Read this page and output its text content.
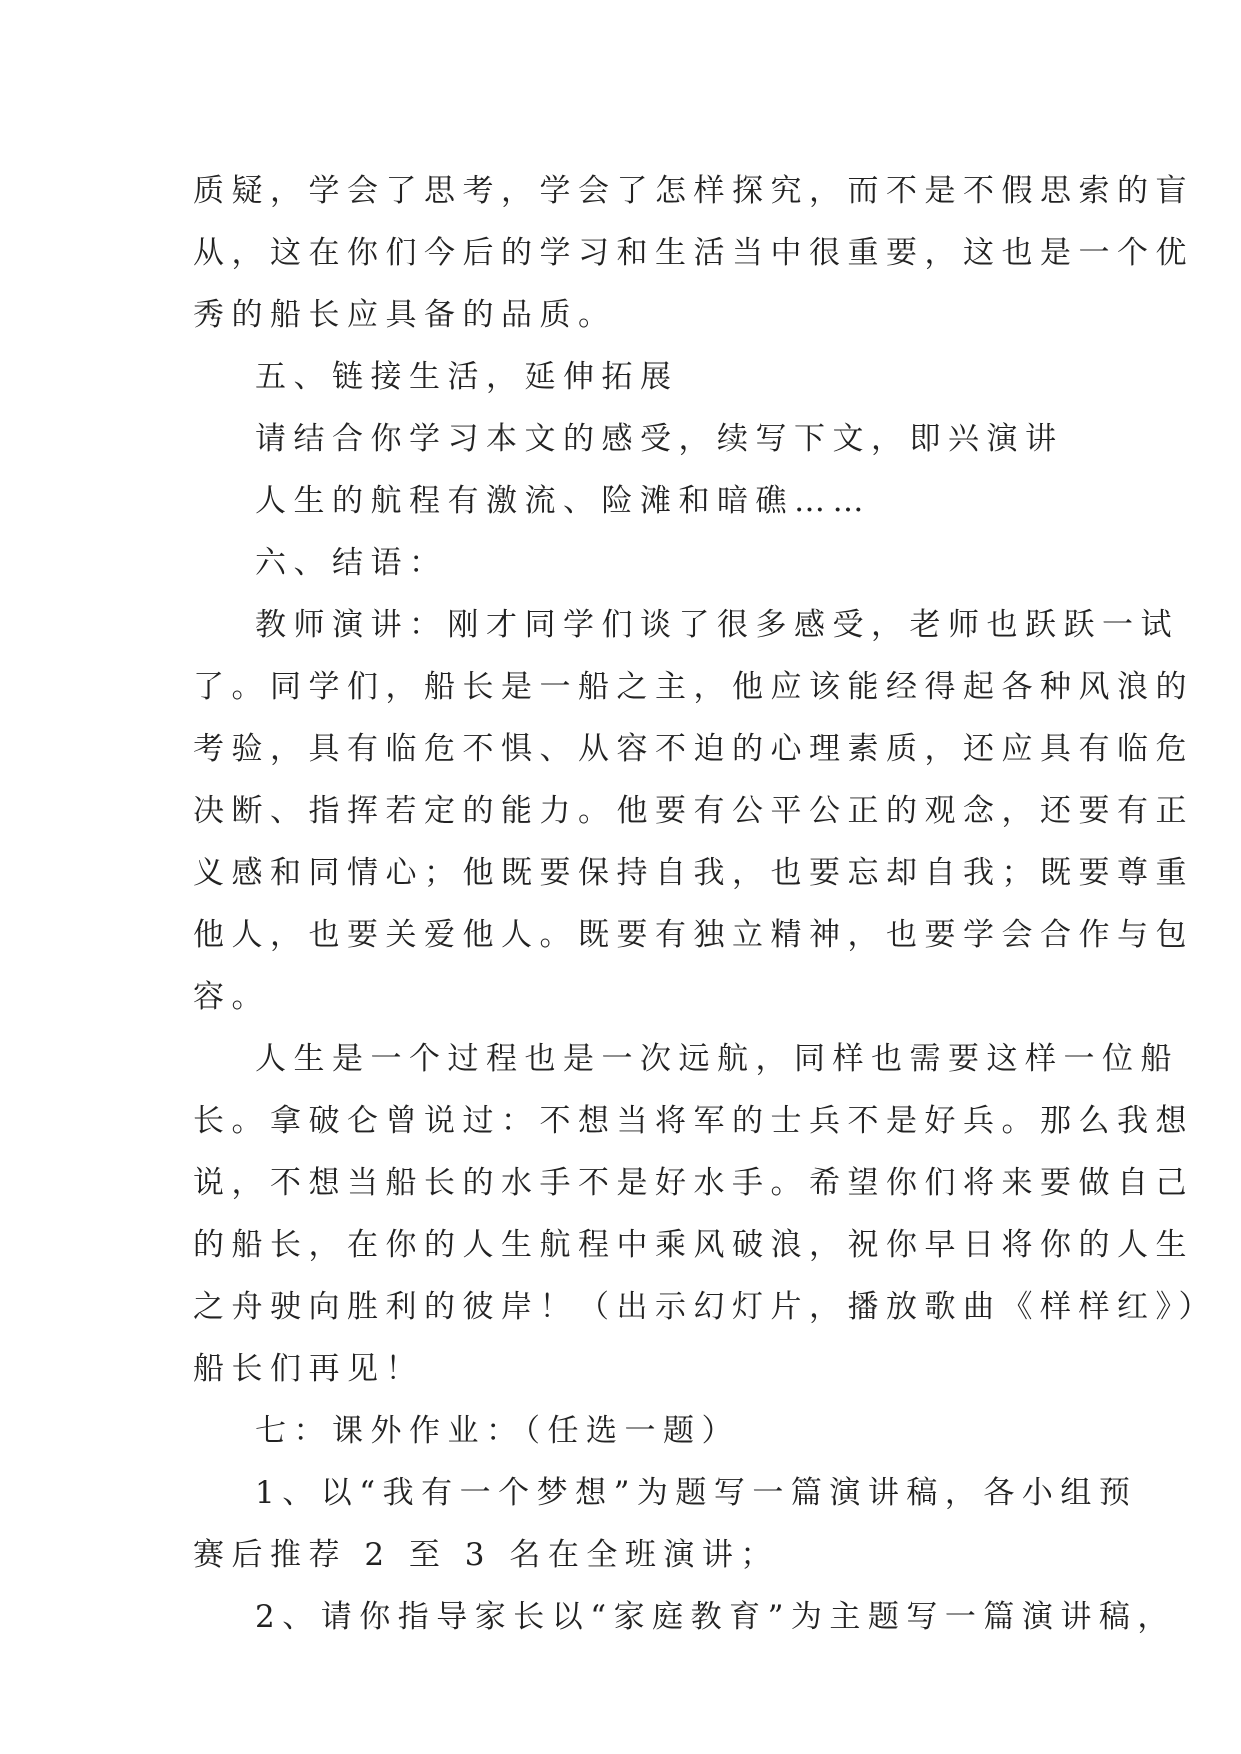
质疑，学会了思考，学会了怎样探究，而不是不假思索的盲
从，这在你们今后的学习和生活当中很重要，这也是一个优
秀的船长应具备的品质。
五、链接生活，延伸拓展
请结合你学习本文的感受，续写下文，即兴演讲
人生的航程有激流、险滩和暗礁……
六、结语：
教师演讲：刚才同学们谈了很多感受，老师也跃跃一试
了。同学们，船长是一船之主，他应该能经得起各种风浪的
考验，具有临危不惧、从容不迫的心理素质，还应具有临危
决断、指挥若定的能力。他要有公平公正的观念，还要有正
义感和同情心；他既要保持自我，也要忘却自我；既要尊重
他人，也要关爱他人。既要有独立精神，也要学会合作与包
容。
人生是一个过程也是一次远航，同样也需要这样一位船
长。拿破仑曾说过：不想当将军的士兵不是好兵。那么我想
说，不想当船长的水手不是好水手。希望你们将来要做自己
的船长，在你的人生航程中乘风破浪，祝你早日将你的人生
之舟驶向胜利的彼岸！（出示幻灯片，播放歌曲《样样红》）
船长们再见！
七：课外作业：（任选一题）
1、以“我有一个梦想”为题写一篇演讲稿，各小组预
赛后推荐 2 至 3 名在全班演讲；
2、请你指导家长以“家庭教育”为主题写一篇演讲稿，
